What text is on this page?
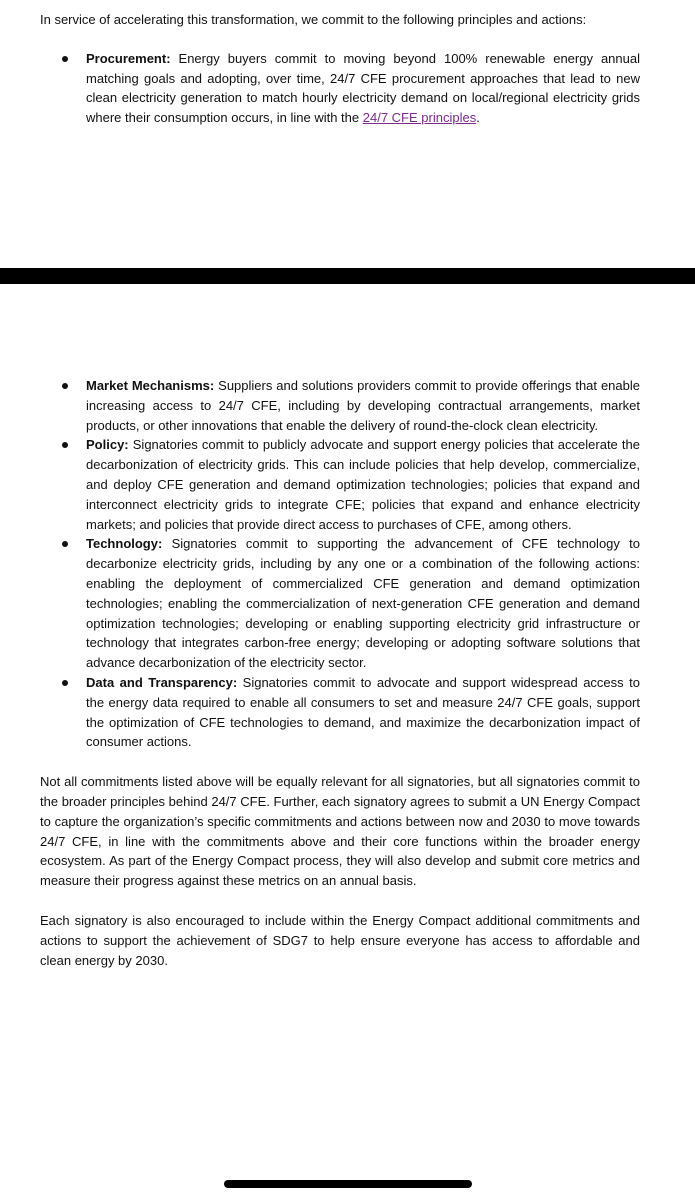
In service of accelerating this transformation, we commit to the following principles and actions:

Procurement: Energy buyers commit to moving beyond 100% renewable energy annual matching goals and adopting, over time, 24/7 CFE procurement approaches that lead to new clean electricity generation to match hourly electricity demand on local/regional electricity grids where their consumption occurs, in line with the 24/7 CFE principles.
Market Mechanisms: Suppliers and solutions providers commit to provide offerings that enable increasing access to 24/7 CFE, including by developing contractual arrangements, market products, or other innovations that enable the delivery of round-the-clock clean electricity.
Policy: Signatories commit to publicly advocate and support energy policies that accelerate the decarbonization of electricity grids. This can include policies that help develop, commercialize, and deploy CFE generation and demand optimization technologies; policies that expand and interconnect electricity grids to integrate CFE; policies that expand and enhance electricity markets; and policies that provide direct access to purchases of CFE, among others.
Technology: Signatories commit to supporting the advancement of CFE technology to decarbonize electricity grids, including by any one or a combination of the following actions: enabling the deployment of commercialized CFE generation and demand optimization technologies; enabling the commercialization of next-generation CFE generation and demand optimization technologies; developing or enabling supporting electricity grid infrastructure or technology that integrates carbon-free energy; developing or adopting software solutions that advance decarbonization of the electricity sector.
Data and Transparency: Signatories commit to advocate and support widespread access to the energy data required to enable all consumers to set and measure 24/7 CFE goals, support the optimization of CFE technologies to demand, and maximize the decarbonization impact of consumer actions.

Not all commitments listed above will be equally relevant for all signatories, but all signatories commit to the broader principles behind 24/7 CFE. Further, each signatory agrees to submit a UN Energy Compact to capture the organization’s specific commitments and actions between now and 2030 to move towards 24/7 CFE, in line with the commitments above and their core functions within the broader energy ecosystem. As part of the Energy Compact process, they will also develop and submit core metrics and measure their progress against these metrics on an annual basis.

Each signatory is also encouraged to include within the Energy Compact additional commitments and actions to support the achievement of SDG7 to help ensure everyone has access to affordable and clean energy by 2030.
